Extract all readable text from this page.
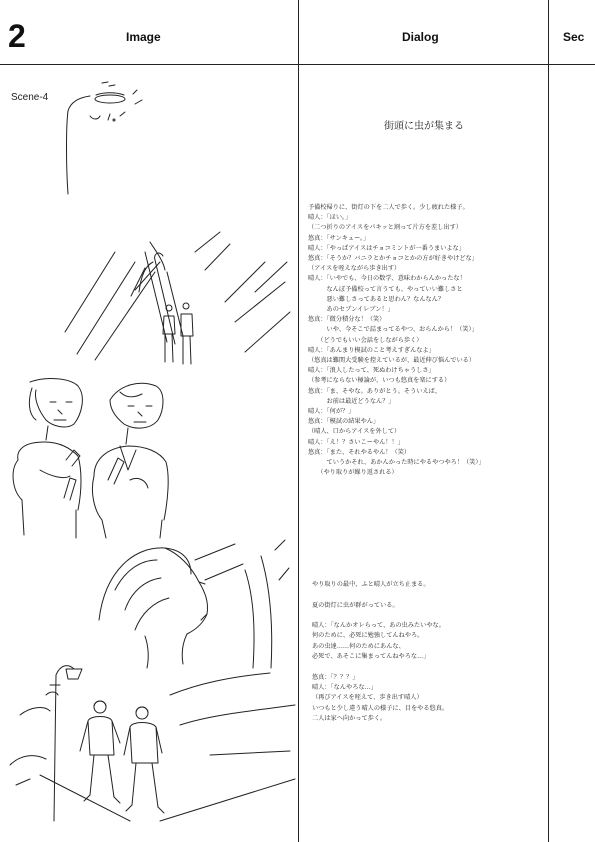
2	Image	Dialog	Sec
Scene-4
街頭に虫が集まる
予備校帰りに、街灯の下を二人で歩く。少し疲れた様子。
晴人：「ほい。」
（二つ折りのアイスをパキッと割って片方を差し出す）
悠真：「サンキュー。」
晴人：「やっぱアイスはチョコミントが一番うまいよな」
悠真：「そうか？バニラとかチョコとかの方が好きやけどな」
（アイスを咥えながら歩き出す）
晴人：「いやでも、今日の数学、意味わからんかったな！
　　　なんぼ予備校って言うても、やっていい難しさと
　　　悪い難しさってあると思わん？なんなん？
　　　あのセブンイレブン！」
悠真：「微分積分な！（笑）
　　　いや、今そこで詰まってるやつ、おらんから！（笑）」
　　（どうでもいい会話をしながら歩く）
晴人：「あんまり模試のこと考えすぎんなよ」
（悠真は難関大受験を控えているが、最近伸び悩んでいる）
晴人：「浪人したって、死ぬわけちゃうしさ」
（参考にならない極論が、いつも悠真を楽にする）
悠真：「ま、そやな。ありがとう。そういえば、
　　　お前は最近どうなん？」
晴人：「何が？」
悠真：「模試の結果やん」
（晴人、口からアイスを外して）
晴人：「え！？さいこーやん！！」
悠真：「また、それやるやん！（笑）
　　　ていうかそれ、あかんかった時にやるやつやろ！（笑）」
　　（やり取りが繰り返される）
やり取りの最中、ふと晴人が立ち止まる。
夏の街灯に虫が群がっている。
晴人：「なんかオレらって、あの虫みたいやな。
何のために、必死に勉強してんねやろ。
あの虫達……何のためにあんな、
必死で、あそこに集まってんねやろな…」
悠真：「？？？」
晴人：「なんやろな…」
（再びアイスを咥えて、歩き出す晴人）
いつもと少し違う晴人の様子に、目をやる悠真。
二人は家へ向かって歩く。
